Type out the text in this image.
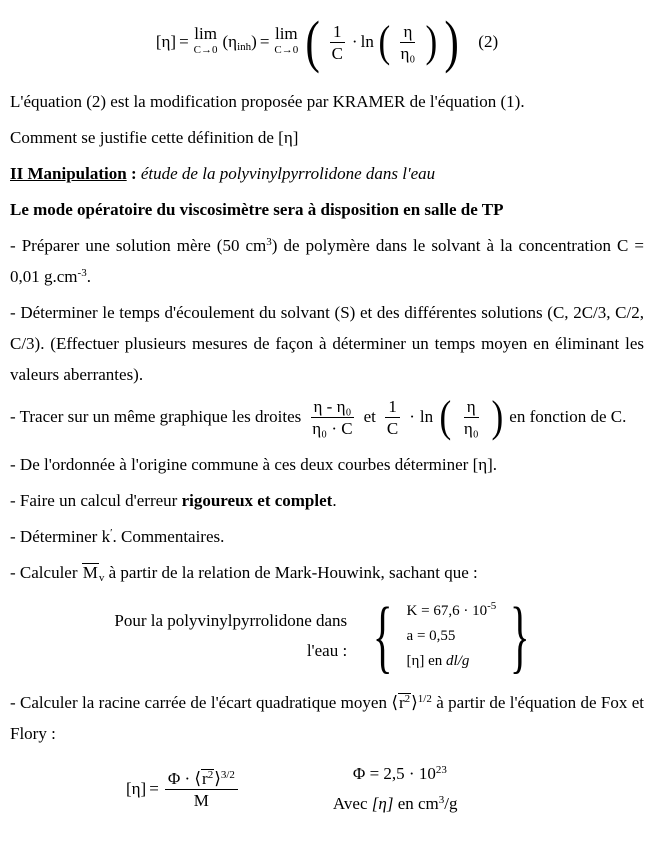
[η] = lim
C→0 $(\eta_{inh}) = \lim$
C→0 ( $\frac{1}{C} \cdot \ln$ ( $\frac{\eta}{\text{η₀}}$ ) ) (2)

L'équation (2) est la modification proposée par KRAMER de l'équation (1).

Comment se justifie cette définition de [η]

II Manipulation : étude de la polyvinylpyrrolidone dans l'eau

Le mode opératoire du viscosimètre sera à disposition en salle de TP

- Préparer une solution mère (50 $cm^3$) de polymère dans le solvant à la concentration C = 0,01 $g.cm^{-3}$.

- Déterminer le temps d'écoulement du solvant (S) et des différentes solutions (C, 2C/3, C/2, C/3). (Effectuer plusieurs mesures de façon à déterminer un temps moyen en éliminant les valeurs aberrantes).

- Tracer sur un même graphique les droites $\frac{\text{η - η₀}}{\text{η₀ · C}}$ et $\frac{1}{C} \cdot \ln$ ( $\frac{\eta}{\text{η₀}}$ ) en fonction de C.

- De l'ordonnée à l'origine commune à ces deux courbes déterminer [η].

- Faire un calcul d'erreur rigoureux et complet.

- Déterminer k′. Commentaires.

- Calculer $M_v$ à partir de la relation de Mark-Houwink, sachant que :

Pour la polyvinylpyrrolidone dans
l'eau : { $K = 67,6 \cdot 10^{-5}$
a = 0,55
[η] en dl/g }

- Calculer la racine carrée de l'écart quadratique moyen $⟨r^2⟩^{1/2}$ à partir de l'équation de Fox et Flory :

$[\eta] = \frac{\Phi \cdot ⟨r^2⟩^{3/2}}{M}$	$\Phi = 2,5 \cdot 10^{23}$
Avec [η] en $cm^3/g$
